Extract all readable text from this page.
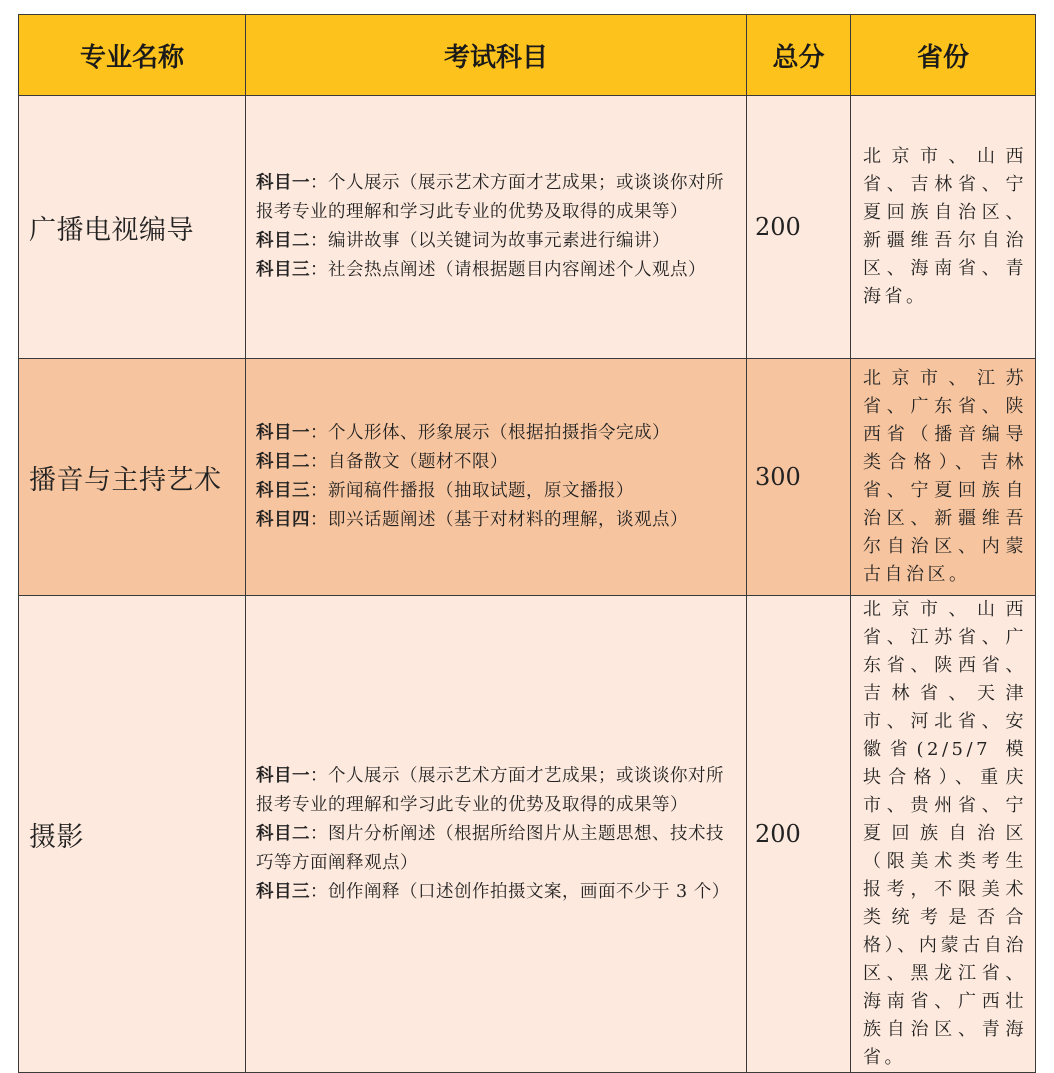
专业名称	考试科目	总分	省份
广播电视编导	科目一：个人展示（展示艺术方面才艺成果；或谈谈你对所报考专业的理解和学习此专业的优势及取得的成果等）
科目二：编讲故事（以关键词为故事元素进行编讲）
科目三：社会热点阐述（请根据题目内容阐述个人观点）	200	北京市、山西省、吉林省、宁夏回族自治区、新疆维吾尔自治区、海南省、青海省。
播音与主持艺术	科目一：个人形体、形象展示（根据拍摄指令完成）
科目二：自备散文（题材不限）
科目三：新闻稿件播报（抽取试题，原文播报）
科目四：即兴话题阐述（基于对材料的理解，谈观点）	300	北京市、江苏省、广东省、陕西省（播音编导类合格）、吉林省、宁夏回族自治区、新疆维吾尔自治区、内蒙古自治区。
摄影	科目一：个人展示（展示艺术方面才艺成果；或谈谈你对所报考专业的理解和学习此专业的优势及取得的成果等）
科目二：图片分析阐述（根据所给图片从主题思想、技术技巧等方面阐释观点）
科目三：创作阐释（口述创作拍摄文案，画面不少于 3 个）	200	北京市、山西省、江苏省、广东省、陕西省、吉林省、天津市、河北省、安徽省(2/5/7 模块合格）、重庆市、贵州省、宁夏回族自治区（限美术类考生报考，不限美术类统考是否合格）、内蒙古自治区、黑龙江省、海南省、广西壮族自治区、青海省。
